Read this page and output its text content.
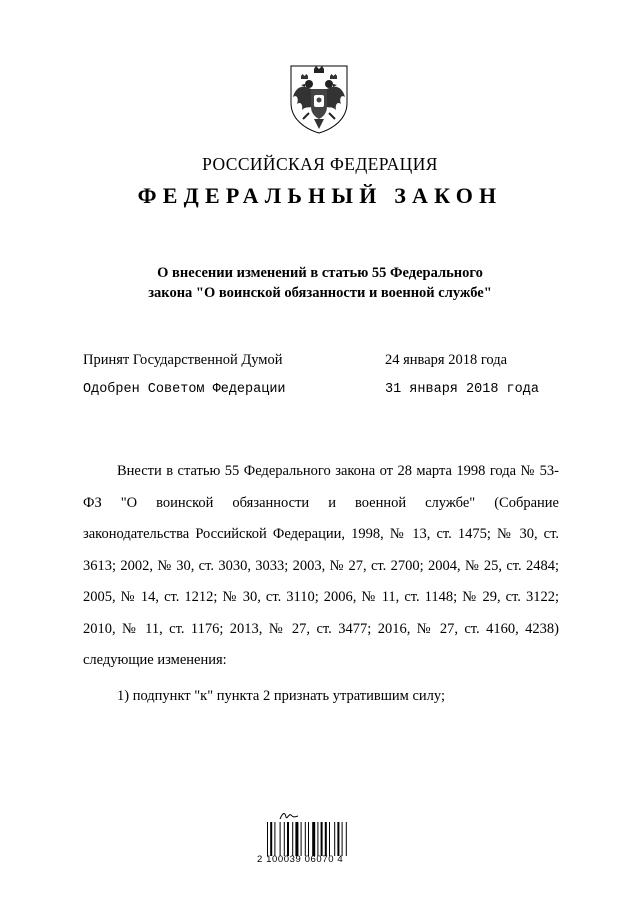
РОССИЙСКАЯ ФЕДЕРАЦИЯ
ФЕДЕРАЛЬНЫЙ ЗАКОН
О внесении изменений в статью 55 Федерального
закона "О воинской обязанности и военной службе"
Принят Государственной Думой	24 января 2018 года
Одобрен Советом Федерации	31 января 2018 года
Внести в статью 55 Федерального закона от 28 марта 1998 года № 53-ФЗ "О воинской обязанности и военной службе" (Собрание законодательства Российской Федерации, 1998, № 13, ст. 1475; № 30, ст. 3613; 2002, № 30, ст. 3030, 3033; 2003, № 27, ст. 2700; 2004, № 25, ст. 2484; 2005, № 14, ст. 1212; № 30, ст. 3110; 2006, № 11, ст. 1148; № 29, ст. 3122; 2010, № 11, ст. 1176; 2013, № 27, ст. 3477; 2016, № 27, ст. 4160, 4238) следующие изменения:
1) подпункт "к" пункта 2 признать утратившим силу;
2 100039 06070 4
